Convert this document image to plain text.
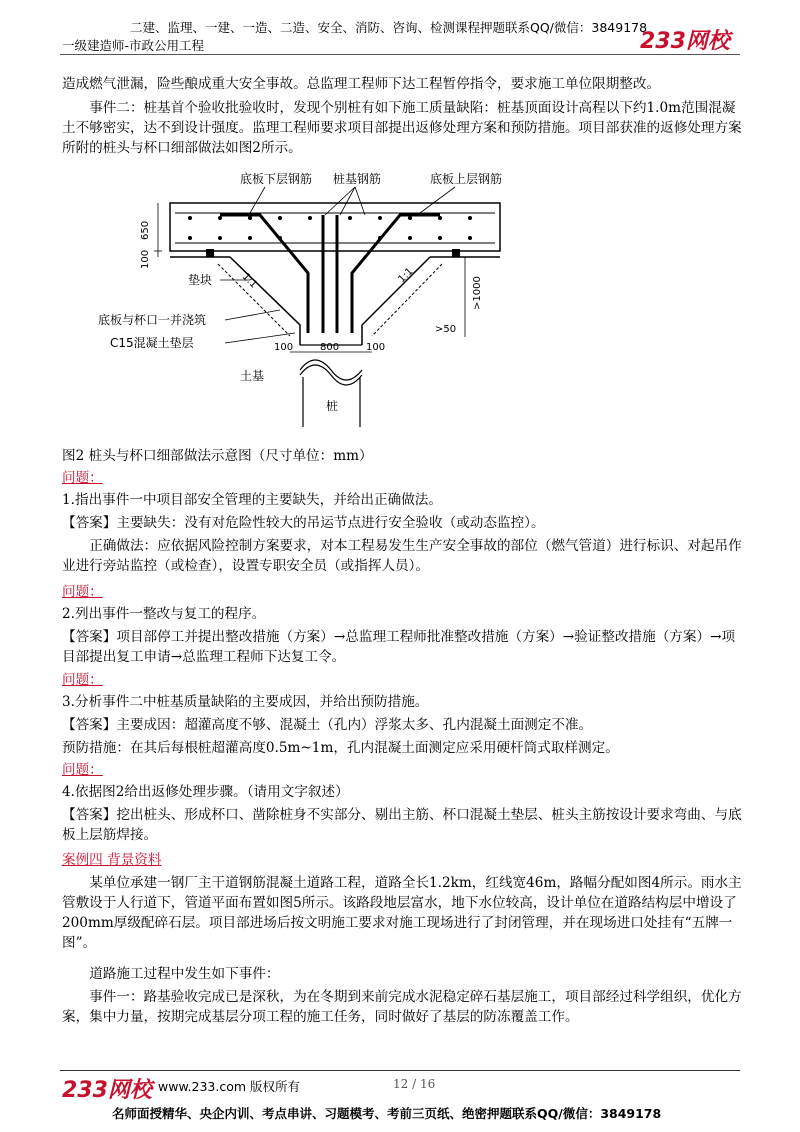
二建、监理、一建、一造、二造、安全、消防、咨询、检测课程押题联系QQ/微信：3849178
一级建造师-市政公用工程	233网校
造成燃气泄漏，险些酿成重大安全事故。总监理工程师下达工程暂停指令，要求施工单位限期整改。
事件二：桩基首个验收批验收时，发现个别桩有如下施工质量缺陷：桩基顶面设计高程以下约1.0m范围混凝土不够密实，达不到设计强度。监理工程师要求项目部提出返修处理方案和预防措施。项目部获准的返修处理方案所附的桩头与杯口细部做法如图2所示。
底板下层钢筋 桩基钢筋	底板上层钢筋
650
100
1:1	1:1
>1000
>50
垫块
底板与杯口一并浇筑
C15混凝土垫层	100	800	100
土基
桩
图2 桩头与杯口细部做法示意图（尺寸单位：mm）
问题：
1.指出事件一中项目部安全管理的主要缺失，并给出正确做法。
【答案】主要缺失：没有对危险性较大的吊运节点进行安全验收（或动态监控）。
正确做法：应依据风险控制方案要求，对本工程易发生生产安全事故的部位（燃气管道）进行标识、对起吊作业进行旁站监控（或检查），设置专职安全员（或指挥人员）。
问题：
2.列出事件一整改与复工的程序。
【答案】项目部停工并提出整改措施（方案）→总监理工程师批准整改措施（方案）→验证整改措施（方案）→项目部提出复工申请→总监理工程师下达复工令。
问题：
3.分析事件二中桩基质量缺陷的主要成因，并给出预防措施。
【答案】主要成因：超灌高度不够、混凝土（孔内）浮浆太多、孔内混凝土面测定不准。
预防措施：在其后每根桩超灌高度0.5m~1m，孔内混凝土面测定应采用硬杆筒式取样测定。
问题：
4.依据图2给出返修处理步骤。（请用文字叙述）
【答案】挖出桩头、形成杯口、凿除桩身不实部分、剔出主筋、杯口混凝土垫层、桩头主筋按设计要求弯曲、与底板上层筋焊接。
案例四 背景资料
某单位承建一钢厂主干道钢筋混凝土道路工程，道路全长1.2km，红线宽46m，路幅分配如图4所示。雨水主管敷设于人行道下，管道平面布置如图5所示。该路段地层富水，地下水位较高，设计单位在道路结构层中增设了200mm厚级配碎石层。项目部进场后按文明施工要求对施工现场进行了封闭管理，并在现场进口处挂有“五牌一图”。
道路施工过程中发生如下事件：
事件一：路基验收完成已是深秋，为在冬期到来前完成水泥稳定碎石基层施工，项目部经过科学组织，优化方案，集中力量，按期完成基层分项工程的施工任务，同时做好了基层的防冻覆盖工作。
233网校 www.233.com 版权所有	12 / 16
名师面授精华、央企内训、考点串讲、习题模考、考前三页纸、绝密押题联系QQ/微信：3849178
